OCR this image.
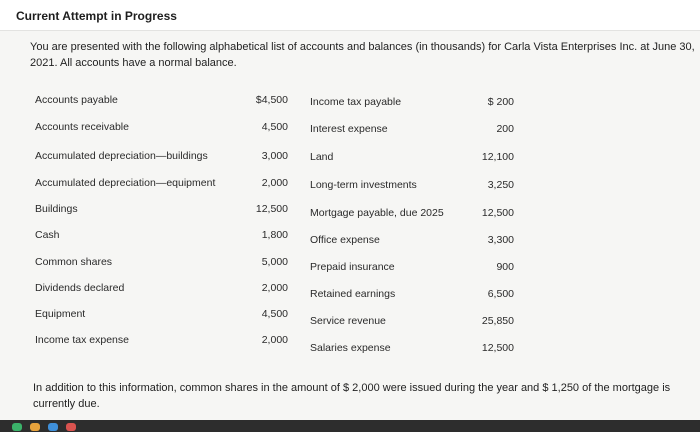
Current Attempt in Progress
You are presented with the following alphabetical list of accounts and balances (in thousands) for Carla Vista Enterprises Inc. at June 30, 2021. All accounts have a normal balance.
Accounts payable	$4,500
Accounts receivable	4,500
Accumulated depreciation—buildings	3,000
Accumulated depreciation—equipment	2,000
Buildings	12,500
Cash	1,800
Common shares	5,000
Dividends declared	2,000
Equipment	4,500
Income tax expense	2,000
Income tax payable	$ 200
Interest expense	200
Land	12,100
Long-term investments	3,250
Mortgage payable, due 2025	12,500
Office expense	3,300
Prepaid insurance	900
Retained earnings	6,500
Service revenue	25,850
Salaries expense	12,500
In addition to this information, common shares in the amount of $ 2,000 were issued during the year and $ 1,250 of the mortgage is currently due.
